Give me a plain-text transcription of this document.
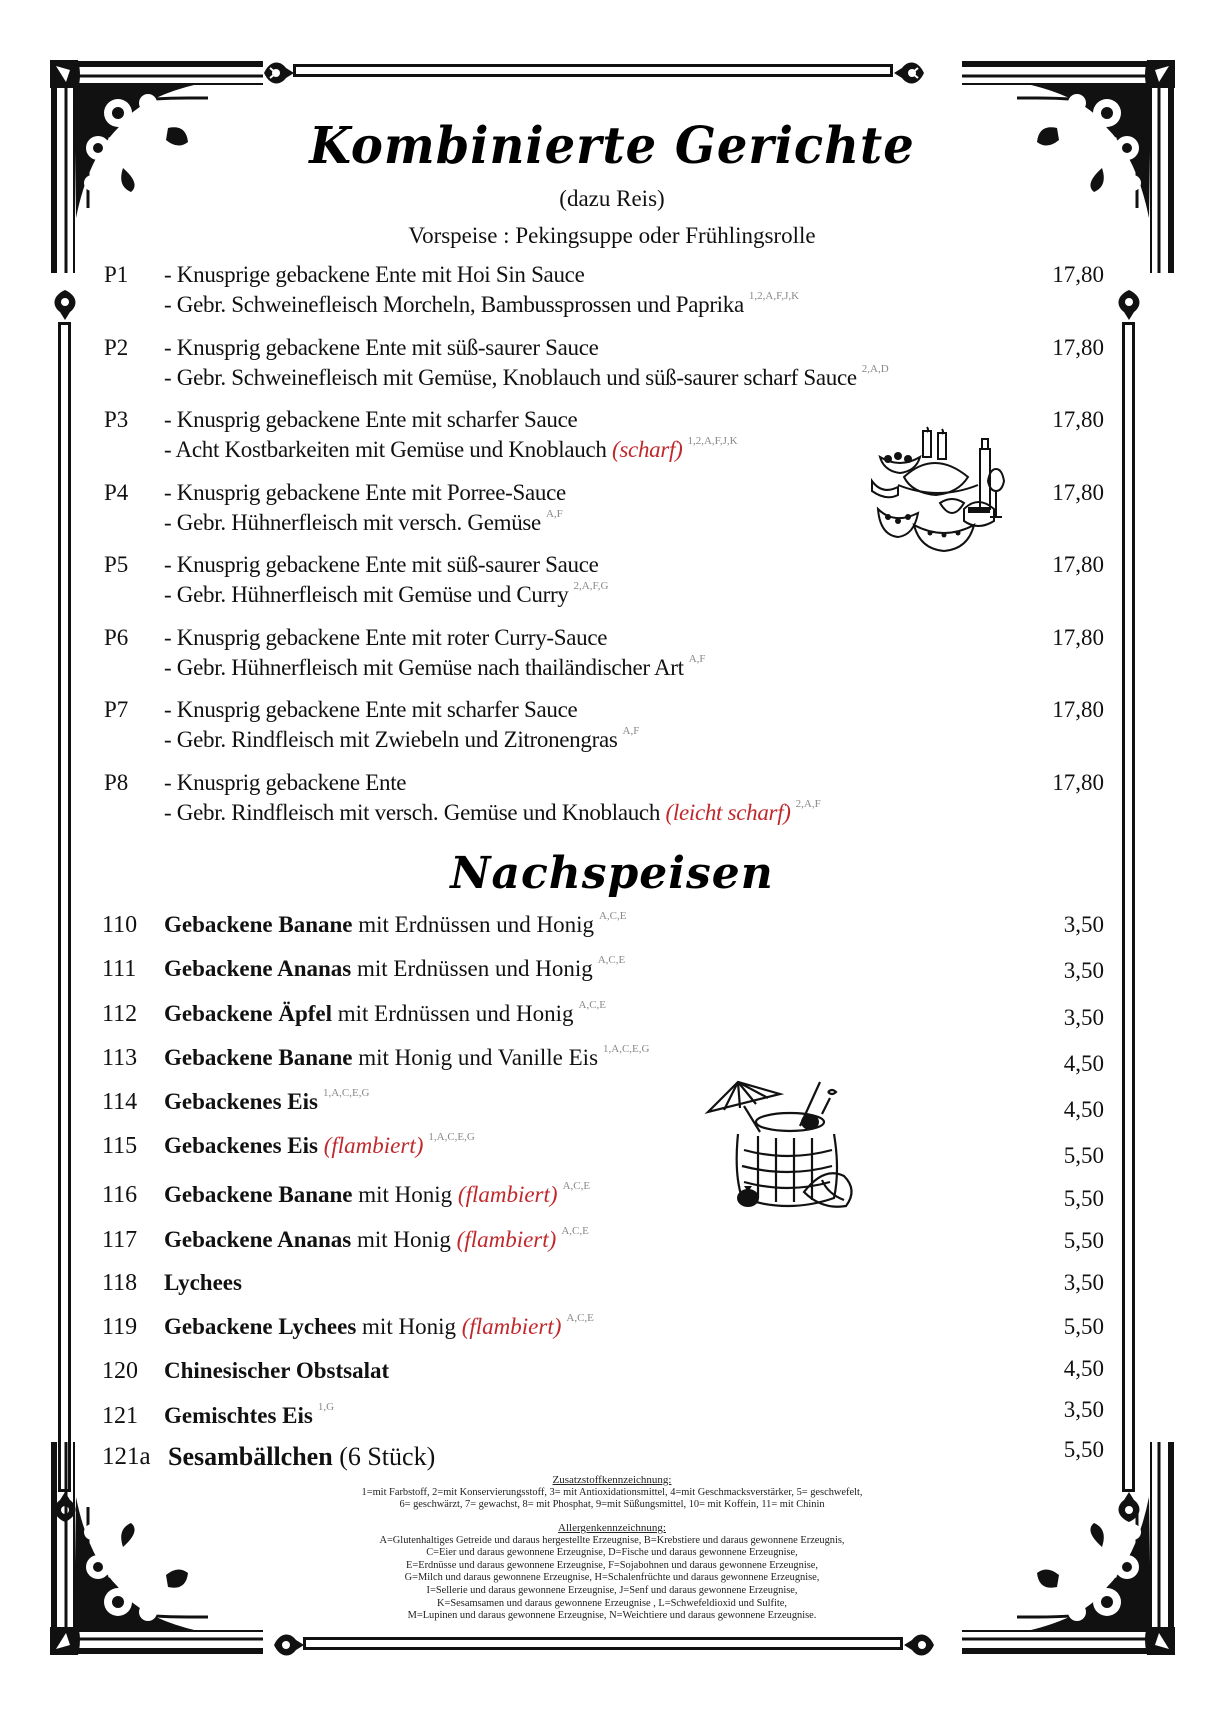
Kombinierte Gerichte
(dazu Reis)
Vorspeise : Pekingsuppe oder Frühlingsrolle
P1 - Knusprige gebackene Ente mit Hoi Sin Sauce
- Gebr. Schweinefleisch Morcheln, Bambussprossen und Paprika $^{1,2,A,F,J,K}$
17,80
P2 - Knusprig gebackene Ente mit süß-saurer Sauce
- Gebr. Schweinefleisch mit Gemüse, Knoblauch und süß-saurer scharf Sauce $^{2,A,D}$
17,80
P3 - Knusprig gebackene Ente mit scharfer Sauce
- Acht Kostbarkeiten mit Gemüse und Knoblauch (scharf) $^{1,2,A,F,J,K}$
17,80
P4 - Knusprig gebackene Ente mit Porree-Sauce
- Gebr. Hühnerfleisch mit versch. Gemüse $^{A,F}$
17,80
P5 - Knusprig gebackene Ente mit süß-saurer Sauce
- Gebr. Hühnerfleisch mit Gemüse und Curry $^{2,A,F,G}$
17,80
P6 - Knusprig gebackene Ente mit roter Curry-Sauce
- Gebr. Hühnerfleisch mit Gemüse nach thailändischer Art $^{A,F}$
17,80
P7 - Knusprig gebackene Ente mit scharfer Sauce
- Gebr. Rindfleisch mit Zwiebeln und Zitronengras $^{A,F}$
17,80
P8 - Knusprig gebackene Ente
- Gebr. Rindfleisch mit versch. Gemüse und Knoblauch (leicht scharf) $^{2,A,F}$
17,80
Nachspeisen
110 Gebackene Banane mit Erdnüssen und Honig $^{A,C,E}$	3,50
111 Gebackene Ananas mit Erdnüssen und Honig $^{A,C,E}$	3,50
112 Gebackene Äpfel mit Erdnüssen und Honig $^{A,C,E}$	3,50
113 Gebackene Banane mit Honig und Vanille Eis $^{1,A,C,E,G}$
4,50
114 Gebackenes Eis $^{1,A,C,E,G}$
4,50
115 Gebackenes Eis (flambiert) $^{1,A,C,E,G}$
5,50
116 Gebackene Banane mit Honig (flambiert) $^{A,C,E}$	5,50
117 Gebackene Ananas mit Honig (flambiert) $^{A,C,E}$	5,50
118 Lychees	3,50
119 Gebackene Lychees mit Honig (flambiert) $^{A,C,E}$	5,50
120 Chinesischer Obstsalat	4,50
121 Gemischtes Eis $^{1,G}$	3,50
121a Sesambällchen (6 Stück)	5,50
Zusatzstoffkennzeichnung:
1=mit Farbstoff, 2=mit Konservierungsstoff, 3= mit Antioxidationsmittel, 4=mit Geschmacksverstärker, 5= geschwefelt,
6= geschwärzt, 7= gewachst, 8= mit Phosphat, 9=mit Süßungsmittel, 10= mit Koffein, 11= mit Chinin
Allergenkennzeichnung:
A=Glutenhaltiges Getreide und daraus hergestellte Erzeugnise, B=Krebstiere und daraus gewonnene Erzeugnis,
C=Eier und daraus gewonnene Erzeugnise, D=Fische und daraus gewonnene Erzeugnise,
E=Erdnüsse und daraus gewonnene Erzeugnise, F=Sojabohnen und daraus gewonnene Erzeugnise,
G=Milch und daraus gewonnene Erzeugnise, H=Schalenfrüchte und daraus gewonnene Erzeugnise,
I=Sellerie und daraus gewonnene Erzeugnise, J=Senf und daraus gewonnene Erzeugnise,
K=Sesamsamen und daraus gewonnene Erzeugnise , L=Schwefeldioxid und Sulfite,
M=Lupinen und daraus gewonnene Erzeugnise, N=Weichtiere und daraus gewonnene Erzeugnise.
